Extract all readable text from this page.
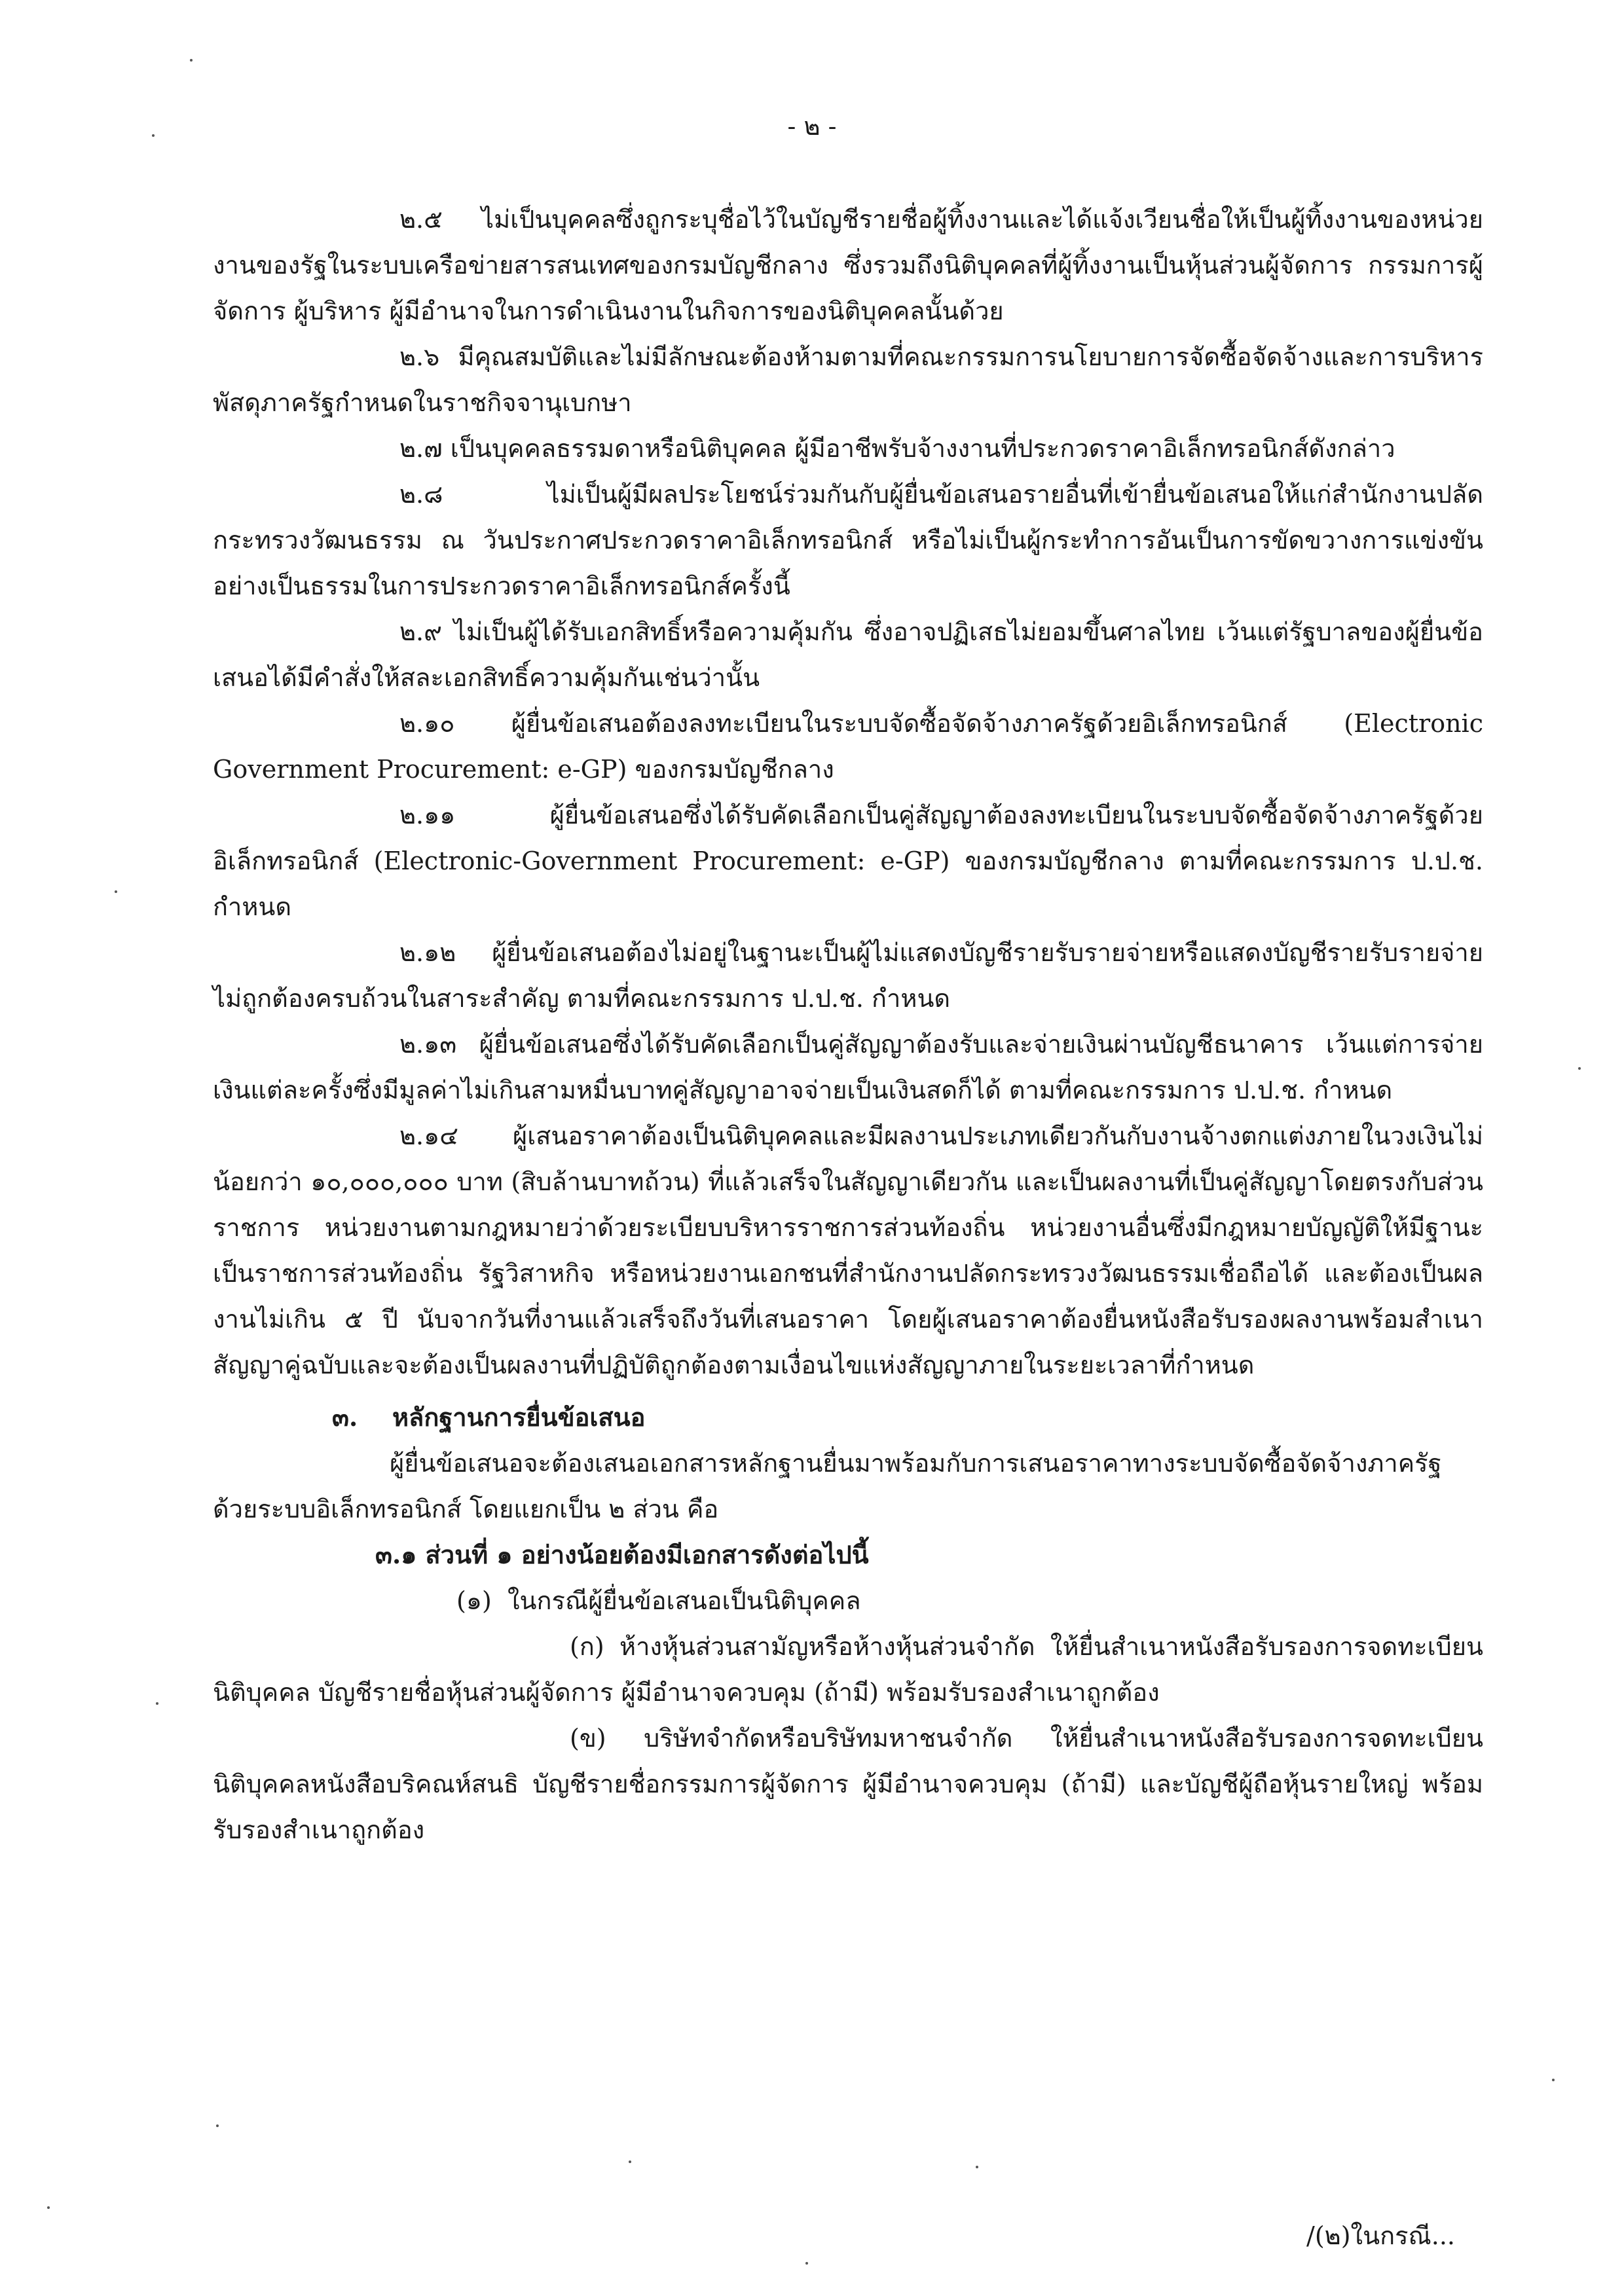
- ๒ -

๒.๕ ไม่เป็นบุคคลซึ่งถูกระบุชื่อไว้ในบัญชีรายชื่อผู้ทิ้งงานและได้แจ้งเวียนชื่อให้เป็นผู้ทิ้งงานของหน่วยงานของรัฐในระบบเครือข่ายสารสนเทศของกรมบัญชีกลาง ซึ่งรวมถึงนิติบุคคลที่ผู้ทิ้งงานเป็นหุ้นส่วนผู้จัดการ กรรมการผู้จัดการ ผู้บริหาร ผู้มีอำนาจในการดำเนินงานในกิจการของนิติบุคคลนั้นด้วย

๒.๖ มีคุณสมบัติและไม่มีลักษณะต้องห้ามตามที่คณะกรรมการนโยบายการจัดซื้อจัดจ้างและการบริหารพัสดุภาครัฐกำหนดในราชกิจจานุเบกษา

๒.๗ เป็นบุคคลธรรมดาหรือนิติบุคคล ผู้มีอาชีพรับจ้างงานที่ประกวดราคาอิเล็กทรอนิกส์ดังกล่าว

๒.๘ ไม่เป็นผู้มีผลประโยชน์ร่วมกันกับผู้ยื่นข้อเสนอรายอื่นที่เข้ายื่นข้อเสนอให้แก่สำนักงานปลัดกระทรวงวัฒนธรรม ณ วันประกาศประกวดราคาอิเล็กทรอนิกส์ หรือไม่เป็นผู้กระทำการอันเป็นการขัดขวางการแข่งขันอย่างเป็นธรรมในการประกวดราคาอิเล็กทรอนิกส์ครั้งนี้

๒.๙ ไม่เป็นผู้ได้รับเอกสิทธิ์หรือความคุ้มกัน ซึ่งอาจปฏิเสธไม่ยอมขึ้นศาลไทย เว้นแต่รัฐบาลของผู้ยื่นข้อเสนอได้มีคำสั่งให้สละเอกสิทธิ์ความคุ้มกันเช่นว่านั้น

๒.๑๐ ผู้ยื่นข้อเสนอต้องลงทะเบียนในระบบจัดซื้อจัดจ้างภาครัฐด้วยอิเล็กทรอนิกส์ (Electronic Government Procurement: e-GP) ของกรมบัญชีกลาง

๒.๑๑ ผู้ยื่นข้อเสนอซึ่งได้รับคัดเลือกเป็นคู่สัญญาต้องลงทะเบียนในระบบจัดซื้อจัดจ้างภาครัฐด้วยอิเล็กทรอนิกส์ (Electronic-Government Procurement: e-GP) ของกรมบัญชีกลาง ตามที่คณะกรรมการ ป.ป.ช. กำหนด

๒.๑๒ ผู้ยื่นข้อเสนอต้องไม่อยู่ในฐานะเป็นผู้ไม่แสดงบัญชีรายรับรายจ่ายหรือแสดงบัญชีรายรับรายจ่ายไม่ถูกต้องครบถ้วนในสาระสำคัญ ตามที่คณะกรรมการ ป.ป.ช. กำหนด

๒.๑๓ ผู้ยื่นข้อเสนอซึ่งได้รับคัดเลือกเป็นคู่สัญญาต้องรับและจ่ายเงินผ่านบัญชีธนาคาร เว้นแต่การจ่ายเงินแต่ละครั้งซึ่งมีมูลค่าไม่เกินสามหมื่นบาทคู่สัญญาอาจจ่ายเป็นเงินสดก็ได้ ตามที่คณะกรรมการ ป.ป.ช. กำหนด

๒.๑๔ ผู้เสนอราคาต้องเป็นนิติบุคคลและมีผลงานประเภทเดียวกันกับงานจ้างตกแต่งภายในวงเงินไม่น้อยกว่า ๑๐,๐๐๐,๐๐๐ บาท (สิบล้านบาทถ้วน) ที่แล้วเสร็จในสัญญาเดียวกัน และเป็นผลงานที่เป็นคู่สัญญาโดยตรงกับส่วนราชการ หน่วยงานตามกฎหมายว่าด้วยระเบียบบริหารราชการส่วนท้องถิ่น หน่วยงานอื่นซึ่งมีกฎหมายบัญญัติให้มีฐานะเป็นราชการส่วนท้องถิ่น รัฐวิสาหกิจ หรือหน่วยงานเอกชนที่สำนักงานปลัดกระทรวงวัฒนธรรมเชื่อถือได้ และต้องเป็นผลงานไม่เกิน ๕ ปี นับจากวันที่งานแล้วเสร็จถึงวันที่เสนอราคา โดยผู้เสนอราคาต้องยื่นหนังสือรับรองผลงานพร้อมสำเนาสัญญาคู่ฉบับและจะต้องเป็นผลงานที่ปฏิบัติถูกต้องตามเงื่อนไขแห่งสัญญาภายในระยะเวลาที่กำหนด

๓. หลักฐานการยื่นข้อเสนอ

ผู้ยื่นข้อเสนอจะต้องเสนอเอกสารหลักฐานยื่นมาพร้อมกับการเสนอราคาทางระบบจัดซื้อจัดจ้างภาครัฐด้วยระบบอิเล็กทรอนิกส์ โดยแยกเป็น ๒ ส่วน คือ

๓.๑ ส่วนที่ ๑ อย่างน้อยต้องมีเอกสารดังต่อไปนี้

(๑) ในกรณีผู้ยื่นข้อเสนอเป็นนิติบุคคล

(ก) ห้างหุ้นส่วนสามัญหรือห้างหุ้นส่วนจำกัด ให้ยื่นสำเนาหนังสือรับรองการจดทะเบียนนิติบุคคล บัญชีรายชื่อหุ้นส่วนผู้จัดการ ผู้มีอำนาจควบคุม (ถ้ามี) พร้อมรับรองสำเนาถูกต้อง

(ข) บริษัทจำกัดหรือบริษัทมหาชนจำกัด ให้ยื่นสำเนาหนังสือรับรองการจดทะเบียนนิติบุคคลหนังสือบริคณห์สนธิ บัญชีรายชื่อกรรมการผู้จัดการ ผู้มีอำนาจควบคุม (ถ้ามี) และบัญชีผู้ถือหุ้นรายใหญ่ พร้อมรับรองสำเนาถูกต้อง

/(๒)ในกรณี...
